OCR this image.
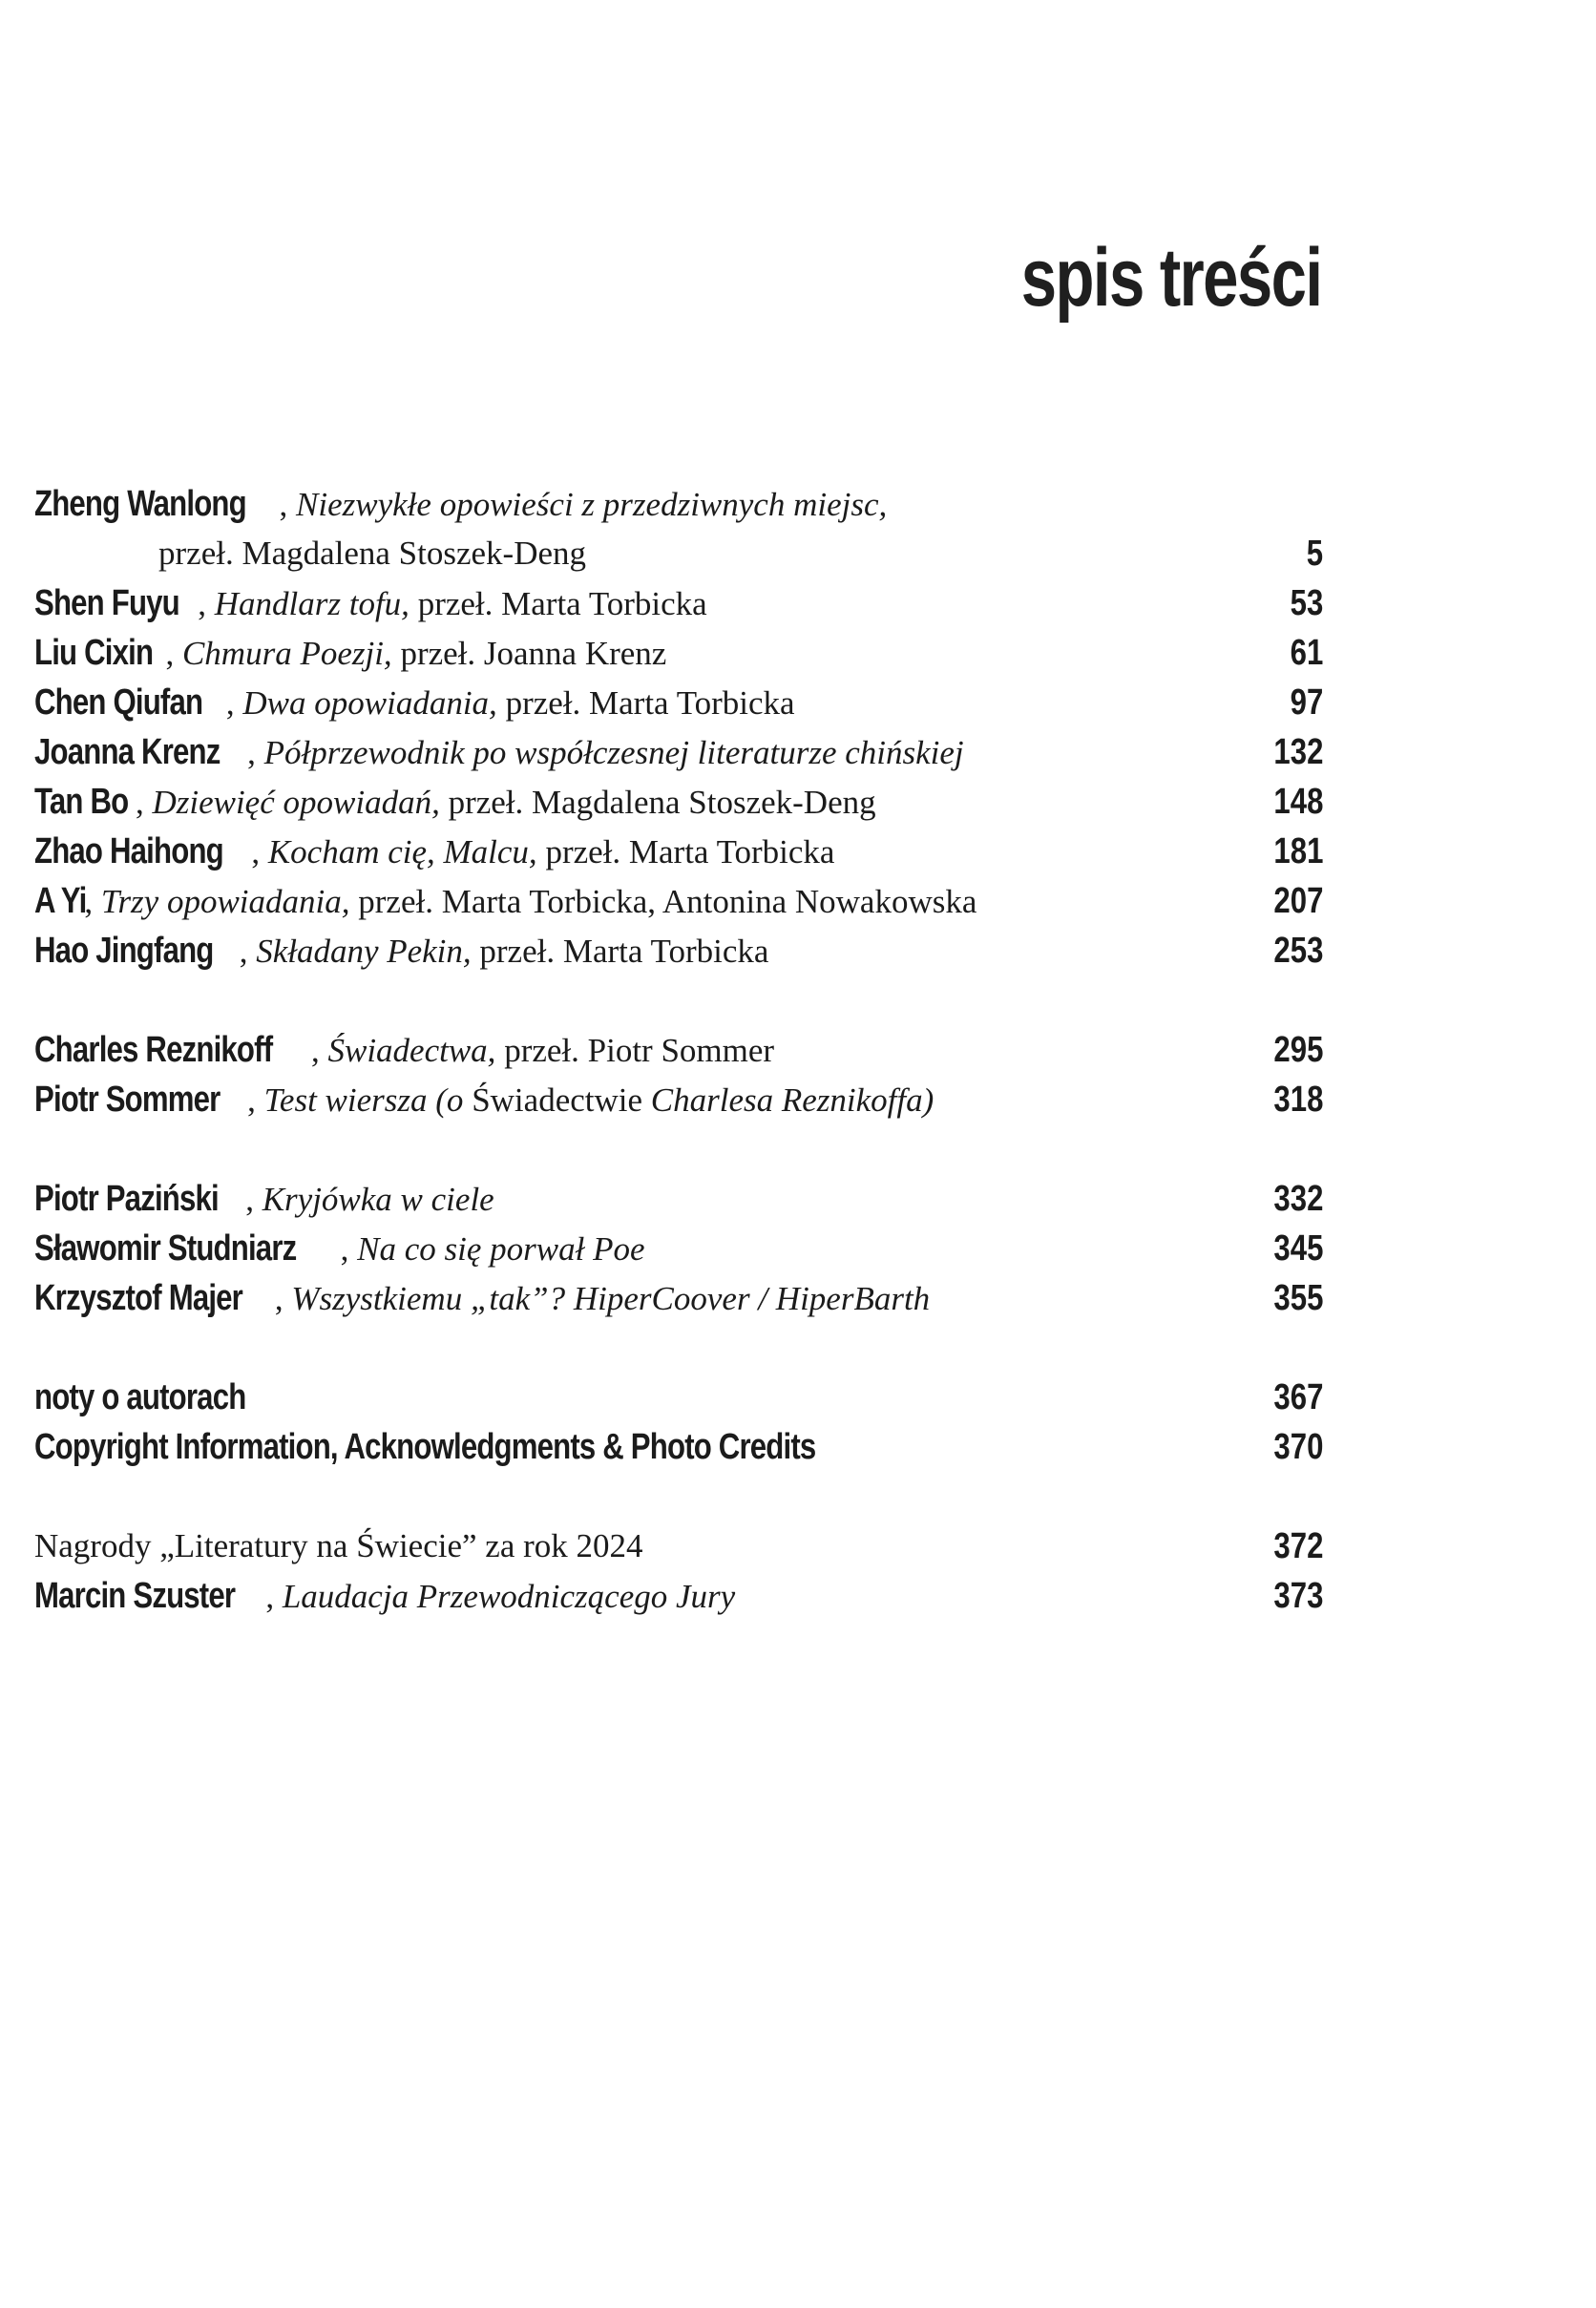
spis treści
Zheng Wanlong , Niezwykłe opowieści z przedziwnych miejsc,
przeł. Magdalena Stoszek-Deng	5
Shen Fuyu , Handlarz tofu, przeł. Marta Torbicka	53
Liu Cixin , Chmura Poezji, przeł. Joanna Krenz	61
Chen Qiufan , Dwa opowiadania, przeł. Marta Torbicka	97
Joanna Krenz , Półprzewodnik po współczesnej literaturze chińskiej	132
Tan Bo , Dziewięć opowiadań, przeł. Magdalena Stoszek-Deng	148
Zhao Haihong , Kocham cię, Malcu, przeł. Marta Torbicka	181
A Yi, Trzy opowiadania, przeł. Marta Torbicka, Antonina Nowakowska	207
Hao Jingfang , Składany Pekin, przeł. Marta Torbicka	253
Charles Reznikoff , Świadectwa, przeł. Piotr Sommer	295
Piotr Sommer , Test wiersza (o Świadectwie Charlesa Reznikoffa)	318
Piotr Paziński , Kryjówka w ciele	332
Sławomir Studniarz , Na co się porwał Poe	345
Krzysztof Majer , Wszystkiemu „tak”? HiperCoover / HiperBarth	355
noty o autorach	367
Copyright Information, Acknowledgments & Photo Credits	370
Nagrody „Literatury na Świecie” za rok 2024	372
Marcin Szuster , Laudacja Przewodniczącego Jury	373
